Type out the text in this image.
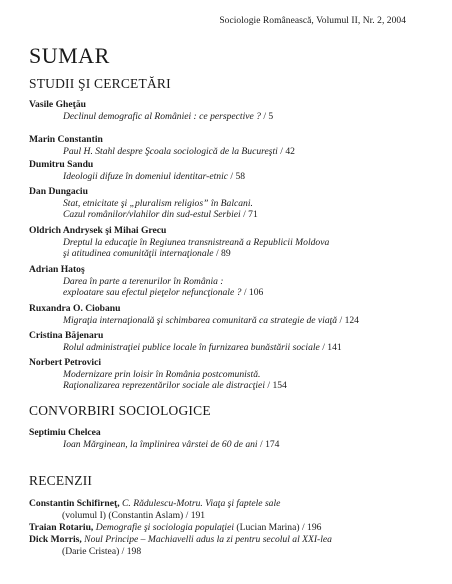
Sociologie Românească, Volumul II, Nr. 2, 2004
SUMAR
STUDII ŞI CERCETĂRI
Vasile Gheţău
Declinul demografic al României : ce perspective ? / 5
Marin Constantin
Paul H. Stahl despre Şcoala sociologică de la Bucureşti / 42
Dumitru Sandu
Ideologii difuze în domeniul identitar-etnic / 58
Dan Dungaciu
Stat, etnicitate şi „pluralism religios” în Balcani.
Cazul românilor/vlahilor din sud-estul Serbiei / 71
Oldrich Andrysek şi Mihai Grecu
Dreptul la educaţie în Regiunea transnistreană a Republicii Moldova
şi atitudinea comunităţii internaţionale / 89
Adrian Hatoş
Darea în parte a terenurilor în România :
exploatare sau efectul pieţelor nefuncţionale ? / 106
Ruxandra O. Ciobanu
Migraţia internaţională şi schimbarea comunitară ca strategie de viaţă / 124
Cristina Băjenaru
Rolul administraţiei publice locale în furnizarea bunăstării sociale / 141
Norbert Petrovici
Modernizare prin loisir în România postcomunistă.
Raţionalizarea reprezentărilor sociale ale distracţiei / 154
CONVORBIRI SOCIOLOGICE
Septimiu Chelcea
Ioan Mărginean, la împlinirea vârstei de 60 de ani / 174
RECENZII
Constantin Schifirneţ, C. Rădulescu-Motru. Viaţa şi faptele sale
(volumul I) (Constantin Aslam) / 191
Traian Rotariu, Demografie şi sociologia populaţiei (Lucian Marina) / 196
Dick Morris, Noul Principe – Machiavelli adus la zi pentru secolul al XXI-lea
(Darie Cristea) / 198
